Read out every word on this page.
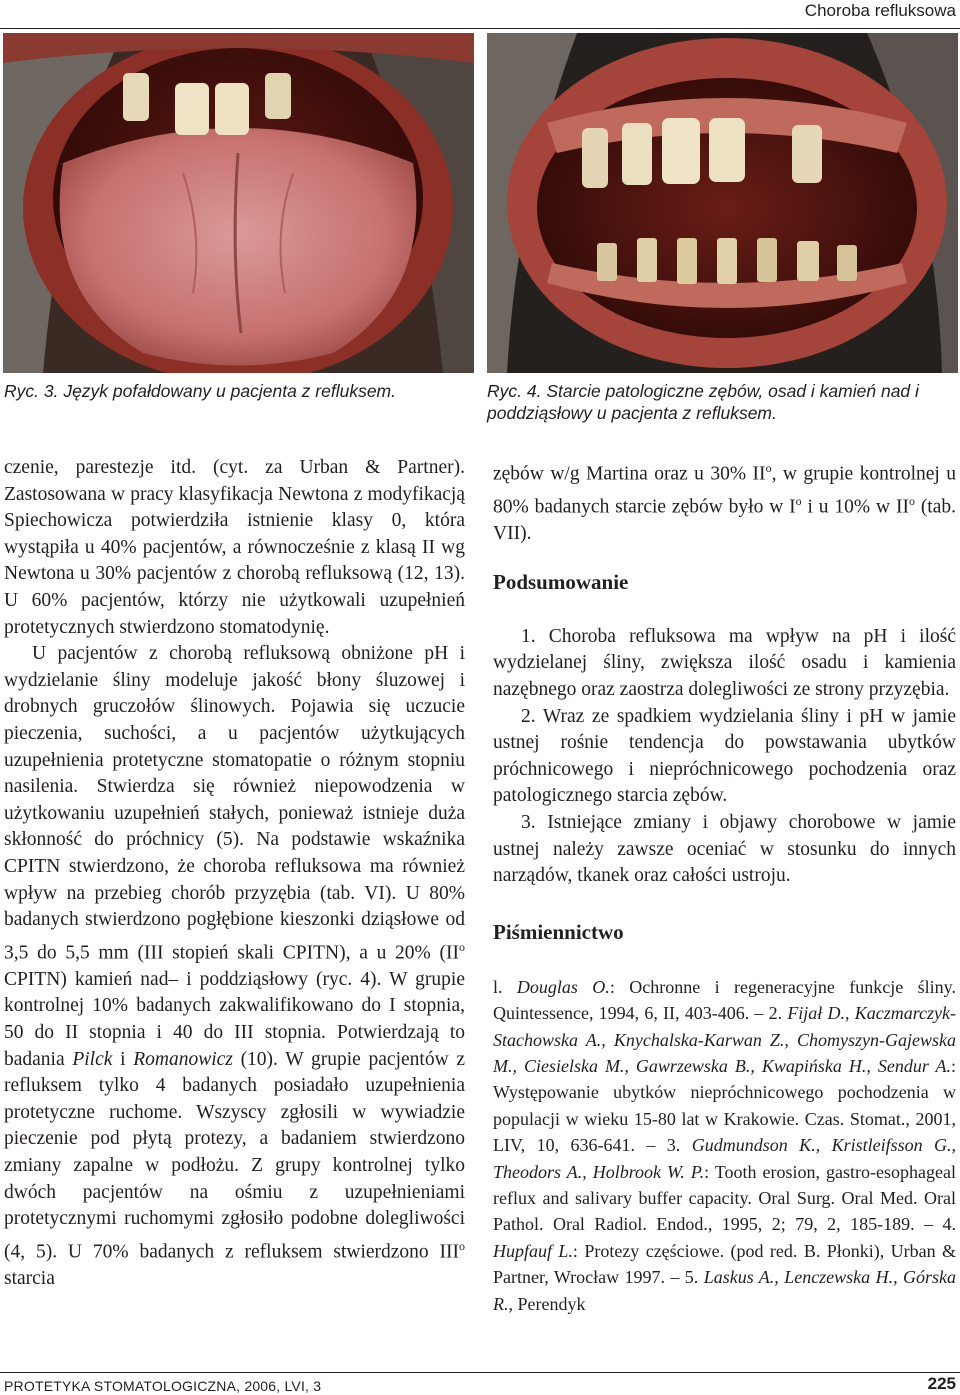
Choroba refluksowa
Ryc. 3. Język pofałdowany u pacjenta z refluksem.	Ryc. 4. Starcie patologiczne zębów, osad i kamień nad i poddziąsłowy u pacjenta z refluksem.

czenie, parestezje itd. (cyt. za Urban & Partner). Zastosowana w pracy klasyfikacja Newtona z modyfikacją Spiechowicza potwierdziła istnienie klasy 0, która wystąpiła u 40% pacjentów, a równocześnie z klasą II wg Newtona u 30% pacjentów z chorobą refluksową (12, 13). U 60% pacjentów, którzy nie użytkowali uzupełnień protetycznych stwierdzono stomatodynię.

U pacjentów z chorobą refluksową obniżone pH i wydzielanie śliny modeluje jakość błony śluzowej i drobnych gruczołów ślinowych. Pojawia się uczucie pieczenia, suchości, a u pacjentów użytkujących uzupełnienia protetyczne stomatopatie o różnym stopniu nasilenia. Stwierdza się również niepowodzenia w użytkowaniu uzupełnień stałych, ponieważ istnieje duża skłonność do próchnicy (5). Na podstawie wskaźnika CPITN stwierdzono, że choroba refluksowa ma również wpływ na przebieg chorób przyzębia (tab. VI). U 80% badanych stwierdzono pogłębione kieszonki dziąsłowe od 3,5 do 5,5 mm (III stopień skali CPITN), a u 20% ($II^o$ CPITN) kamień nad– i poddziąsłowy (ryc. 4). W grupie kontrolnej 10% badanych zakwalifikowano do I stopnia, 50 do II stopnia i 40 do III stopnia. Potwierdzają to badania Pilck i Romanowicz (10). W grupie pacjentów z refluksem tylko 4 badanych posiadało uzupełnienia protetyczne ruchome. Wszyscy zgłosili w wywiadzie pieczenie pod płytą protezy, a badaniem stwierdzono zmiany zapalne w podłożu. Z grupy kontrolnej tylko dwóch pacjentów na ośmiu z uzupełnieniami protetycznymi ruchomymi zgłosiło podobne dolegliwości (4, 5). U 70% badanych z refluksem stwierdzono III$^o$ starcia

zębów w/g Martina oraz u 30% $II^o$, w grupie kontrolnej u 80% badanych starcie zębów było w $I^o$ i u 10% w $II^o$ (tab. VII).

Podsumowanie

1. Choroba refluksowa ma wpływ na pH i ilość wydzielanej śliny, zwiększa ilość osadu i kamienia nazębnego oraz zaostrza dolegliwości ze strony przyzębia.

2. Wraz ze spadkiem wydzielania śliny i pH w jamie ustnej rośnie tendencja do powstawania ubytków próchnicowego i niepróchnicowego pochodzenia oraz patologicznego starcia zębów.

3. Istniejące zmiany i objawy chorobowe w jamie ustnej należy zawsze oceniać w stosunku do innych narządów, tkanek oraz całości ustroju.

Piśmiennictwo

l. Douglas O.: Ochronne i regeneracyjne funkcje śliny. Quintessence, 1994, 6, II, 403-406. – 2. Fijał D., Kaczmarczyk-Stachowska A., Knychalska-Karwan Z., Chomyszyn-Gajewska M., Ciesielska M., Gawrzewska B., Kwapińska H., Sendur A.: Występowanie ubytków niepróchnicowego pochodzenia w populacji w wieku 15-80 lat w Krakowie. Czas. Stomat., 2001, LIV, 10, 636-641. – 3. Gudmundson K., Kristleifsson G., Theodors A., Holbrook W. P.: Tooth erosion, gastro-esophageal reflux and salivary buffer capacity. Oral Surg. Oral Med. Oral Pathol. Oral Radiol. Endod., 1995, 2; 79, 2, 185-189. – 4. Hupfauf L.: Protezy częściowe. (pod red. B. Płonki), Urban & Partner, Wrocław 1997. – 5. Laskus A., Lenczewska H., Górska R., Perendyk

PROTETYKA STOMATOLOGICZNA, 2006, LVI, 3	225
